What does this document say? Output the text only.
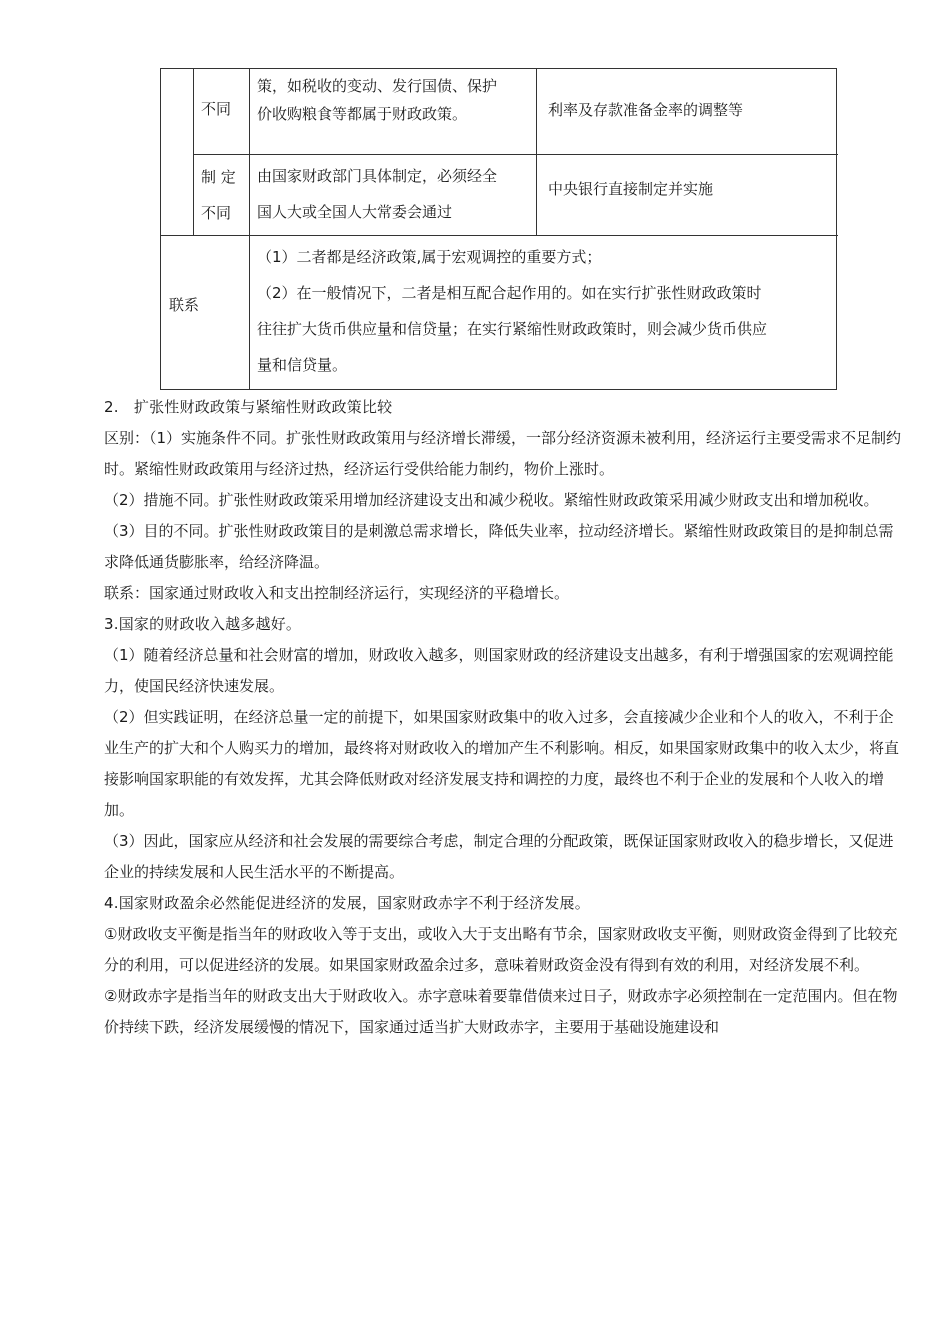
不同
策，如税收的变动、发行国债、保护
价收购粮食等都属于财政政策。	利率及存款准备金率的调整等
制 定
不同
由国家财政部门具体制定，必须经全
国人大或全国人大常委会通过
中央银行直接制定并实施
联系
（1）二者都是经济政策,属于宏观调控的重要方式；
（2）在一般情况下，二者是相互配合起作用的。如在实行扩张性财政政策时
往往扩大货币供应量和信贷量；在实行紧缩性财政政策时，则会减少货币供应
量和信贷量。

2.　扩张性财政政策与紧缩性财政政策比较

区别：（1）实施条件不同。扩张性财政政策用与经济增长滞缓，一部分经济资源未被利用，经济运行主要受需求不足制约时。紧缩性财政政策用与经济过热，经济运行受供给能力制约，物价上涨时。

（2）措施不同。扩张性财政政策采用增加经济建设支出和减少税收。紧缩性财政政策采用减少财政支出和增加税收。

（3）目的不同。扩张性财政政策目的是刺激总需求增长，降低失业率，拉动经济增长。紧缩性财政政策目的是抑制总需求降低通货膨胀率，给经济降温。

联系：国家通过财政收入和支出控制经济运行，实现经济的平稳增长。

3.国家的财政收入越多越好。

（1）随着经济总量和社会财富的增加，财政收入越多，则国家财政的经济建设支出越多，有利于增强国家的宏观调控能力，使国民经济快速发展。

（2）但实践证明，在经济总量一定的前提下，如果国家财政集中的收入过多，会直接减少企业和个人的收入，不利于企业生产的扩大和个人购买力的增加，最终将对财政收入的增加产生不利影响。相反，如果国家财政集中的收入太少，将直接影响国家职能的有效发挥，尤其会降低财政对经济发展支持和调控的力度，最终也不利于企业的发展和个人收入的增加。

（3）因此，国家应从经济和社会发展的需要综合考虑，制定合理的分配政策，既保证国家财政收入的稳步增长，又促进企业的持续发展和人民生活水平的不断提高。

4.国家财政盈余必然能促进经济的发展，国家财政赤字不利于经济发展。

①财政收支平衡是指当年的财政收入等于支出，或收入大于支出略有节余，国家财政收支平衡，则财政资金得到了比较充分的利用，可以促进经济的发展。如果国家财政盈余过多，意味着财政资金没有得到有效的利用，对经济发展不利。

②财政赤字是指当年的财政支出大于财政收入。赤字意味着要靠借债来过日子，财政赤字必须控制在一定范围内。但在物价持续下跌，经济发展缓慢的情况下，国家通过适当扩大财政赤字，主要用于基础设施建设和
